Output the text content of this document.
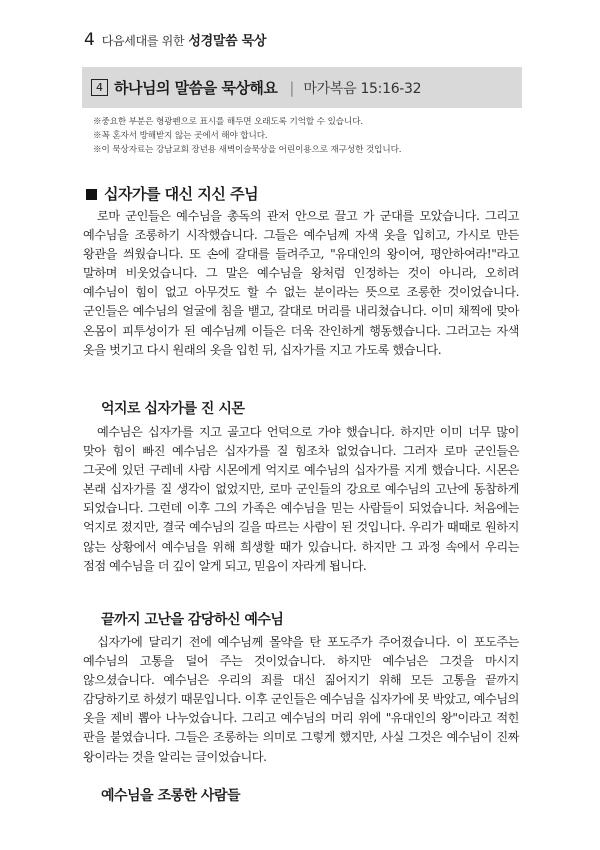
4 다음세대를 위한 성경말씀 묵상
4 하나님의 말씀을 묵상해요 | 마가복음 15:16-32
※중요한 부분은 형광펜으로 표시를 해두면 오래도록 기억할 수 있습니다.
※꼭 혼자서 방해받지 않는 곳에서 해야 합니다.
※이 묵상자료는 강남교회 장년용 새벽이슬묵상을 어린이용으로 재구성한 것입니다.
십자가를 대신 지신 주님
로마 군인들은 예수님을 총독의 관저 안으로 끌고 가 군대를 모았습니다. 그리고 예수님을 조롱하기 시작했습니다. 그들은 예수님께 자색 옷을 입히고, 가시로 만든 왕관을 씌웠습니다. 또 손에 갈대를 들려주고, "유대인의 왕이여, 평안하여라!"라고 말하며 비웃었습니다. 그 말은 예수님을 왕처럼 인정하는 것이 아니라, 오히려 예수님이 힘이 없고 아무것도 할 수 없는 분이라는 뜻으로 조롱한 것이었습니다. 군인들은 예수님의 얼굴에 침을 뱉고, 갈대로 머리를 내리쳤습니다. 이미 채찍에 맞아 온몸이 피투성이가 된 예수님께 이들은 더욱 잔인하게 행동했습니다. 그러고는 자색 옷을 벗기고 다시 원래의 옷을 입힌 뒤, 십자가를 지고 가도록 했습니다.
억지로 십자가를 진 시몬
예수님은 십자가를 지고 골고다 언덕으로 가야 했습니다. 하지만 이미 너무 많이 맞아 힘이 빠진 예수님은 십자가를 질 힘조차 없었습니다. 그러자 로마 군인들은 그곳에 있던 구레네 사람 시몬에게 억지로 예수님의 십자가를 지게 했습니다. 시몬은 본래 십자가를 질 생각이 없었지만, 로마 군인들의 강요로 예수님의 고난에 동참하게 되었습니다. 그런데 이후 그의 가족은 예수님을 믿는 사람들이 되었습니다. 처음에는 억지로 졌지만, 결국 예수님의 길을 따르는 사람이 된 것입니다. 우리가 때때로 원하지 않는 상황에서 예수님을 위해 희생할 때가 있습니다. 하지만 그 과정 속에서 우리는 점점 예수님을 더 깊이 알게 되고, 믿음이 자라게 됩니다.
끝까지 고난을 감당하신 예수님
십자가에 달리기 전에 예수님께 몰약을 탄 포도주가 주어졌습니다. 이 포도주는 예수님의 고통을 덜어 주는 것이었습니다. 하지만 예수님은 그것을 마시지 않으셨습니다. 예수님은 우리의 죄를 대신 짊어지기 위해 모든 고통을 끝까지 감당하기로 하셨기 때문입니다. 이후 군인들은 예수님을 십자가에 못 박았고, 예수님의 옷을 제비 뽑아 나누었습니다. 그리고 예수님의 머리 위에 "유대인의 왕"이라고 적힌 판을 붙였습니다. 그들은 조롱하는 의미로 그렇게 했지만, 사실 그것은 예수님이 진짜 왕이라는 것을 알리는 글이었습니다.
예수님을 조롱한 사람들
